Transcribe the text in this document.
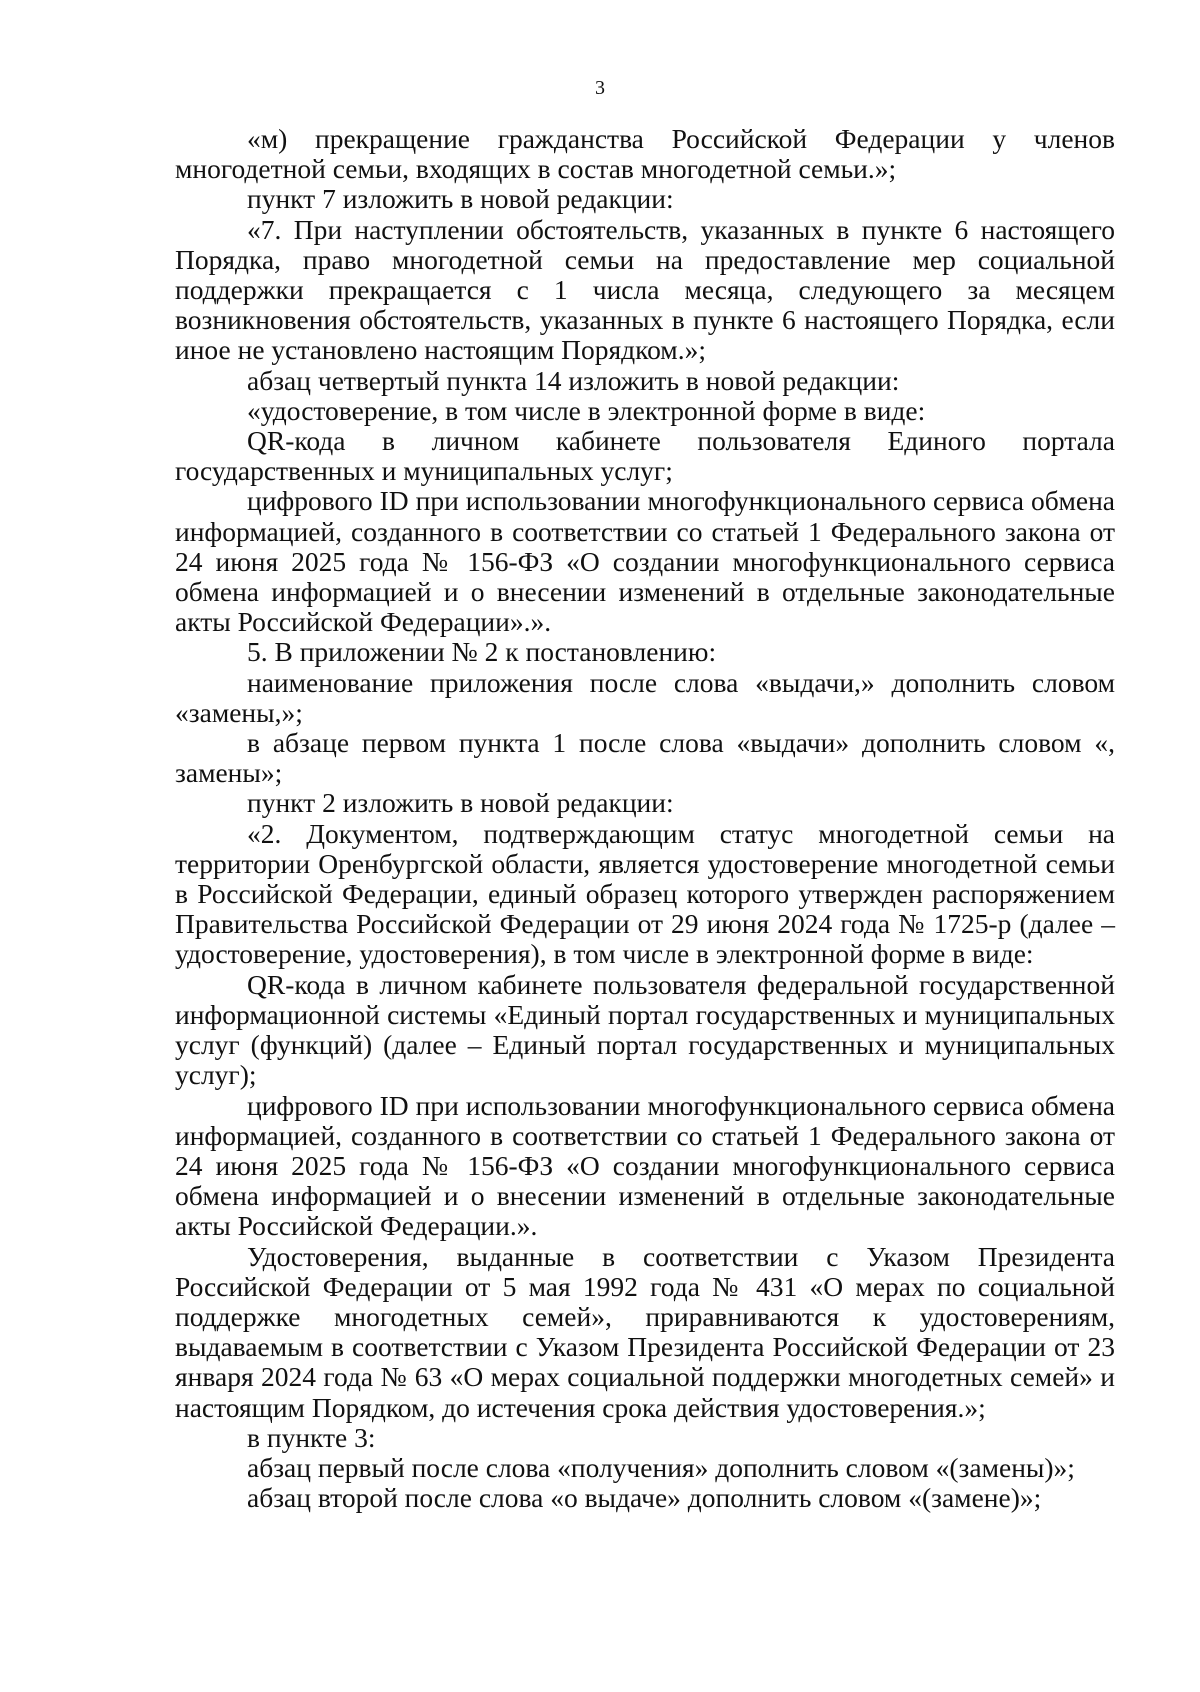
3

«м) прекращение гражданства Российской Федерации у членов многодетной семьи, входящих в состав многодетной семьи.»;

пункт 7 изложить в новой редакции:

«7. При наступлении обстоятельств, указанных в пункте 6 настоящего Порядка, право многодетной семьи на предоставление мер социальной поддержки прекращается с 1 числа месяца, следующего за месяцем возникновения обстоятельств, указанных в пункте 6 настоящего Порядка, если иное не установлено настоящим Порядком.»;

абзац четвертый пункта 14 изложить в новой редакции:

«удостоверение, в том числе в электронной форме в виде:

QR-кода в личном кабинете пользователя Единого портала государственных и муниципальных услуг;

цифрового ID при использовании многофункционального сервиса обмена информацией, созданного в соответствии со статьей 1 Федерального закона от 24 июня 2025 года № 156-ФЗ «О создании многофункционального сервиса обмена информацией и о внесении изменений в отдельные законодательные акты Российской Федерации».».

5. В приложении № 2 к постановлению:

наименование приложения после слова «выдачи,» дополнить словом «замены,»;

в абзаце первом пункта 1 после слова «выдачи» дополнить словом «, замены»;

пункт 2 изложить в новой редакции:

«2. Документом, подтверждающим статус многодетной семьи на территории Оренбургской области, является удостоверение многодетной семьи в Российской Федерации, единый образец которого утвержден распоряжением Правительства Российской Федерации от 29 июня 2024 года № 1725-р (далее – удостоверение, удостоверения), в том числе в электронной форме в виде:

QR-кода в личном кабинете пользователя федеральной государственной информационной системы «Единый портал государственных и муниципальных услуг (функций) (далее – Единый портал государственных и муниципальных услуг);

цифрового ID при использовании многофункционального сервиса обмена информацией, созданного в соответствии со статьей 1 Федерального закона от 24 июня 2025 года № 156-ФЗ «О создании многофункционального сервиса обмена информацией и о внесении изменений в отдельные законодательные акты Российской Федерации.».

Удостоверения, выданные в соответствии с Указом Президента Российской Федерации от 5 мая 1992 года № 431 «О мерах по социальной поддержке многодетных семей», приравниваются к удостоверениям, выдаваемым в соответствии с Указом Президента Российской Федерации от 23 января 2024 года № 63 «О мерах социальной поддержки многодетных семей» и настоящим Порядком, до истечения срока действия удостоверения.»;

в пункте 3:

абзац первый после слова «получения» дополнить словом «(замены)»;

абзац второй после слова «о выдаче» дополнить словом «(замене)»;
